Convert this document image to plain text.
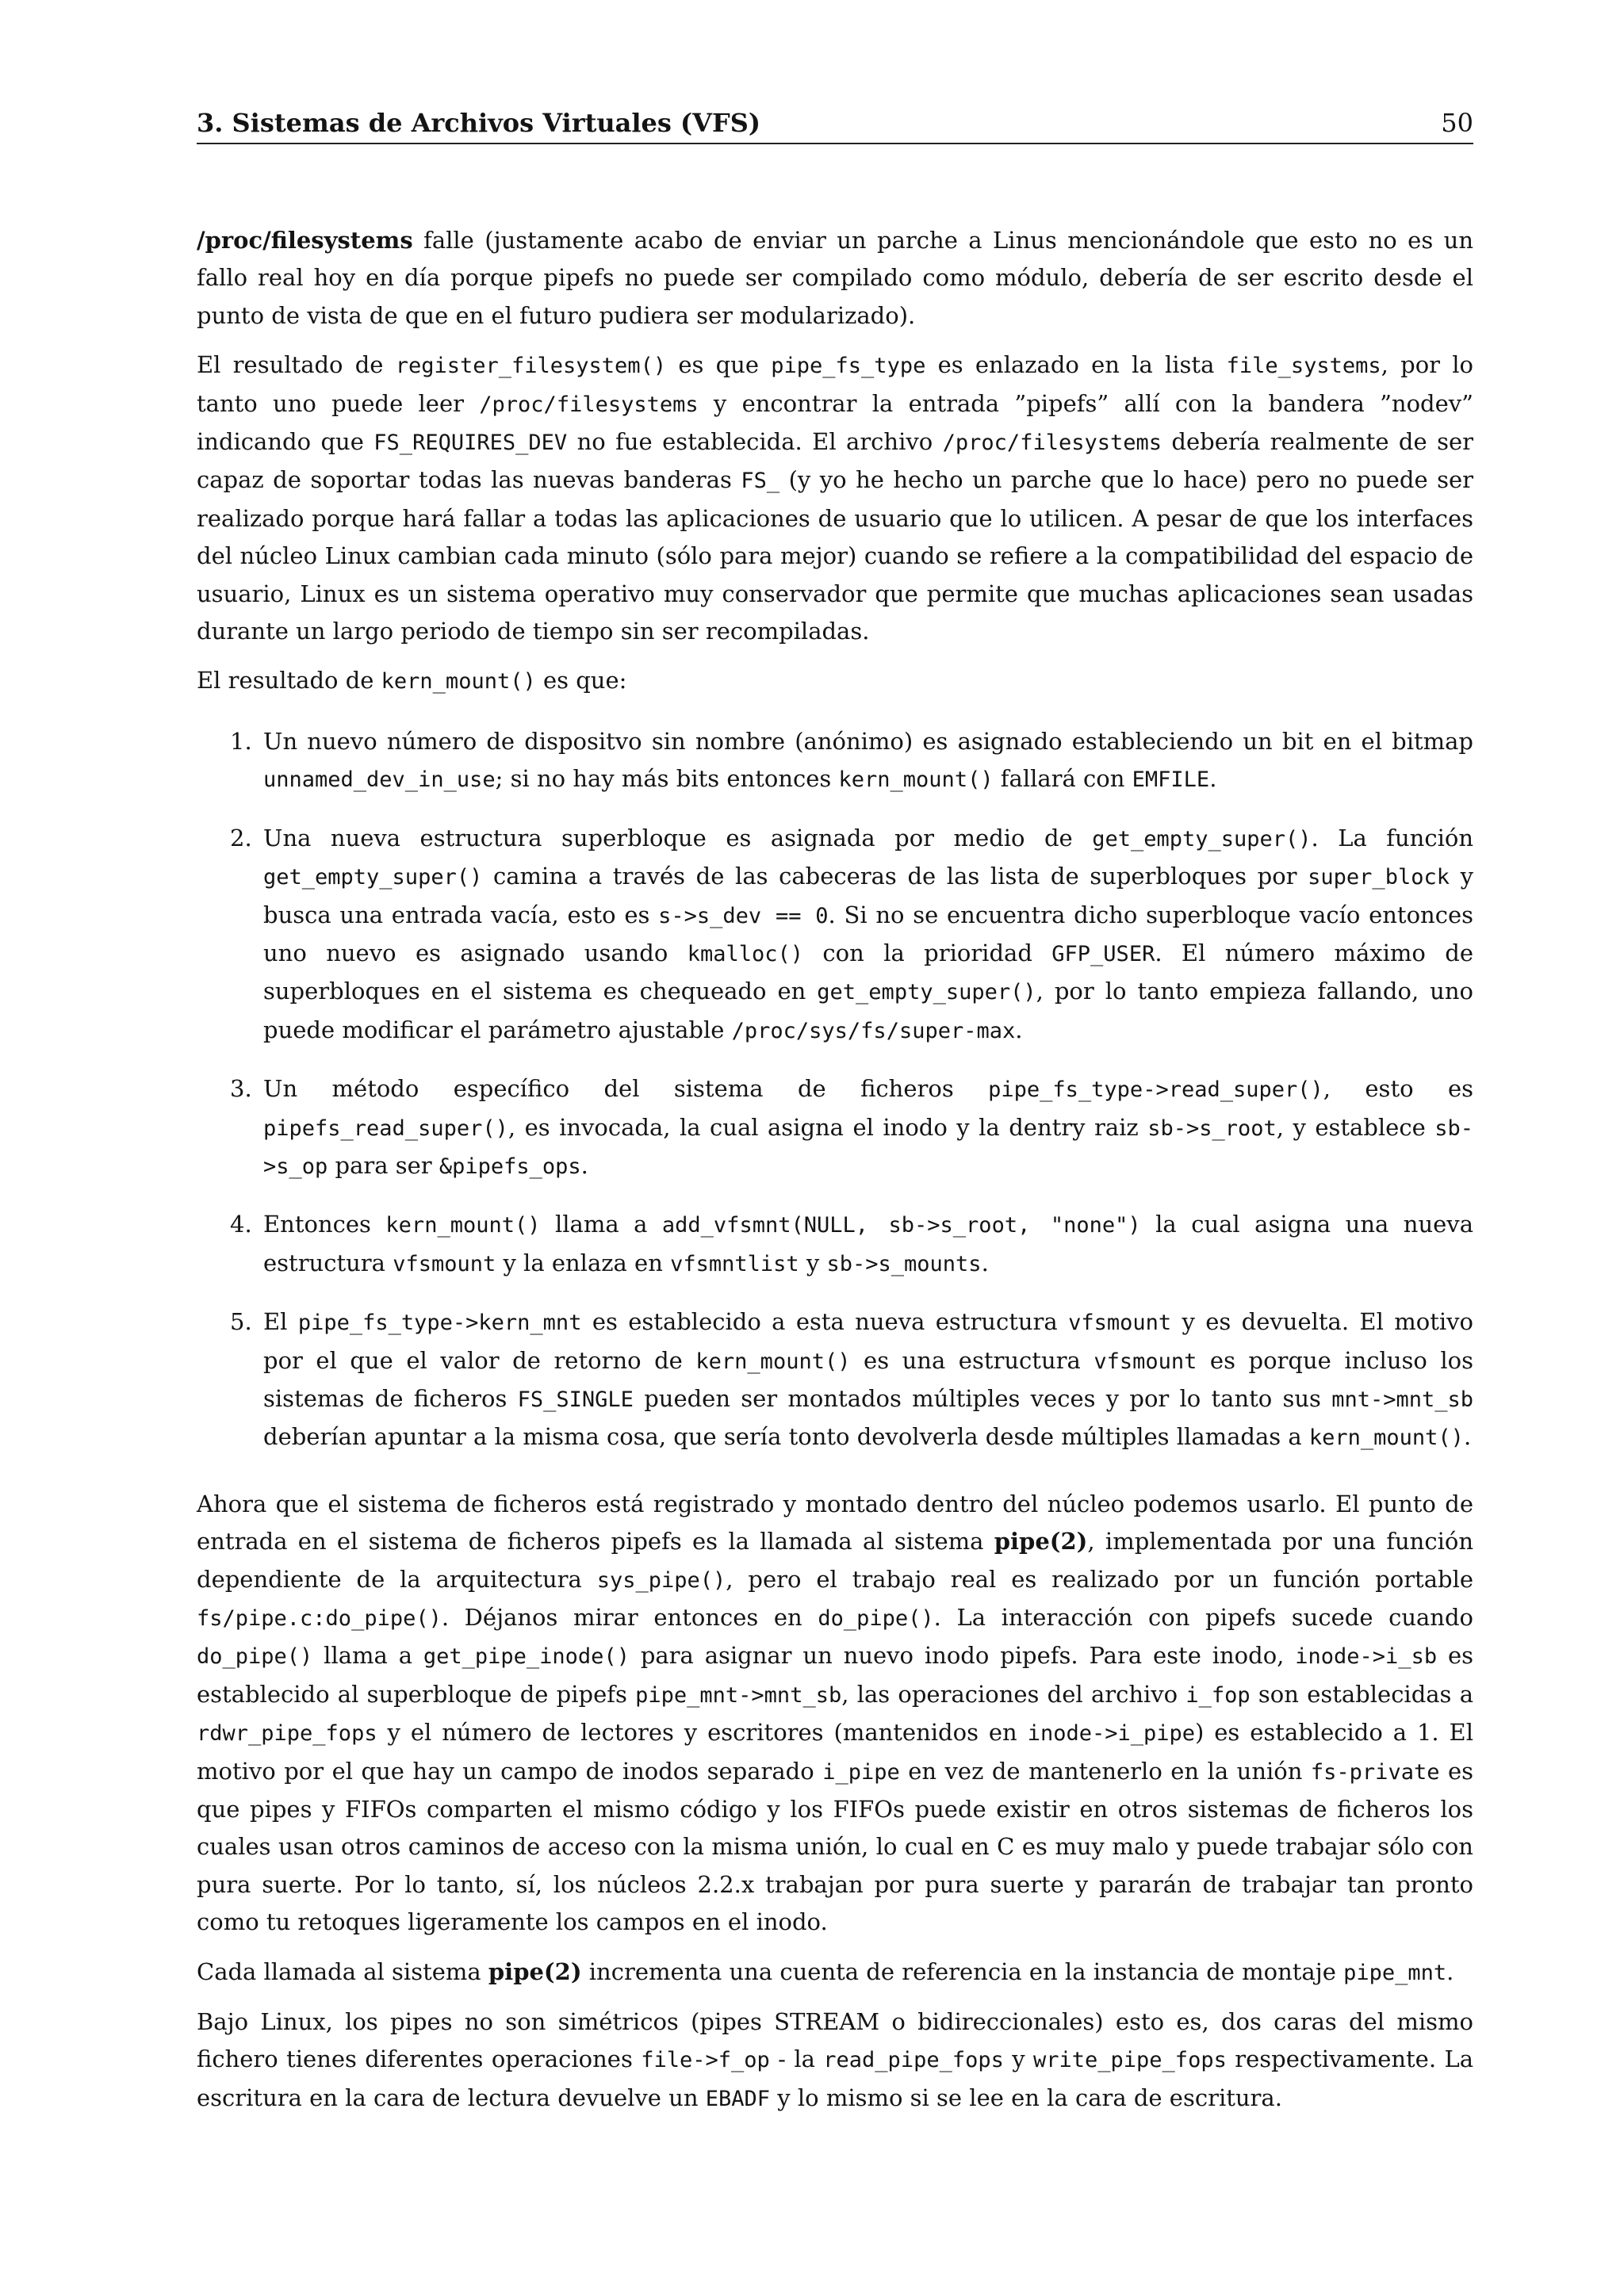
3. Sistemas de Archivos Virtuales (VFS)	50

/proc/filesystems falle (justamente acabo de enviar un parche a Linus mencionándole que esto no es un fallo real hoy en día porque pipefs no puede ser compilado como módulo, debería de ser escrito desde el punto de vista de que en el futuro pudiera ser modularizado).

El resultado de register_filesystem() es que pipe_fs_type es enlazado en la lista file_systems, por lo tanto uno puede leer /proc/filesystems y encontrar la entrada ”pipefs” allí con la bandera ”nodev” indicando que FS_REQUIRES_DEV no fue establecida. El archivo /proc/filesystems debería realmente de ser capaz de soportar todas las nuevas banderas FS_ (y yo he hecho un parche que lo hace) pero no puede ser realizado porque hará fallar a todas las aplicaciones de usuario que lo utilicen. A pesar de que los interfaces del núcleo Linux cambian cada minuto (sólo para mejor) cuando se refiere a la compatibilidad del espacio de usuario, Linux es un sistema operativo muy conservador que permite que muchas aplicaciones sean usadas durante un largo periodo de tiempo sin ser recompiladas.

El resultado de kern_mount() es que:

1. Un nuevo número de dispositvo sin nombre (anónimo) es asignado estableciendo un bit en el bitmap unnamed_dev_in_use; si no hay más bits entonces kern_mount() fallará con EMFILE.
2. Una nueva estructura superbloque es asignada por medio de get_empty_super(). La función get_empty_super() camina a través de las cabeceras de las lista de superbloques por super_block y busca una entrada vacía, esto es s->s_dev == 0. Si no se encuentra dicho superbloque vacío entonces uno nuevo es asignado usando kmalloc() con la prioridad GFP_USER. El número máximo de superbloques en el sistema es chequeado en get_empty_super(), por lo tanto empieza fallando, uno puede modificar el parámetro ajustable /proc/sys/fs/super-max.
3. Un método específico del sistema de ficheros pipe_fs_type->read_super(), esto es pipefs_read_super(), es invocada, la cual asigna el inodo y la dentry raiz sb->s_root, y establece sb->s_op para ser &pipefs_ops.
4. Entonces kern_mount() llama a add_vfsmnt(NULL, sb->s_root, "none") la cual asigna una nueva estructura vfsmount y la enlaza en vfsmntlist y sb->s_mounts.
5. El pipe_fs_type->kern_mnt es establecido a esta nueva estructura vfsmount y es devuelta. El motivo por el que el valor de retorno de kern_mount() es una estructura vfsmount es porque incluso los sistemas de ficheros FS_SINGLE pueden ser montados múltiples veces y por lo tanto sus mnt->mnt_sb deberían apuntar a la misma cosa, que sería tonto devolverla desde múltiples llamadas a kern_mount().

Ahora que el sistema de ficheros está registrado y montado dentro del núcleo podemos usarlo. El punto de entrada en el sistema de ficheros pipefs es la llamada al sistema pipe(2), implementada por una función dependiente de la arquitectura sys_pipe(), pero el trabajo real es realizado por un función portable fs/pipe.c:do_pipe(). Déjanos mirar entonces en do_pipe(). La interacción con pipefs sucede cuando do_pipe() llama a get_pipe_inode() para asignar un nuevo inodo pipefs. Para este inodo, inode->i_sb es establecido al superbloque de pipefs pipe_mnt->mnt_sb, las operaciones del archivo i_fop son establecidas a rdwr_pipe_fops y el número de lectores y escritores (mantenidos en inode->i_pipe) es establecido a 1. El motivo por el que hay un campo de inodos separado i_pipe en vez de mantenerlo en la unión fs-private es que pipes y FIFOs comparten el mismo código y los FIFOs puede existir en otros sistemas de ficheros los cuales usan otros caminos de acceso con la misma unión, lo cual en C es muy malo y puede trabajar sólo con pura suerte. Por lo tanto, sí, los núcleos 2.2.x trabajan por pura suerte y pararán de trabajar tan pronto como tu retoques ligeramente los campos en el inodo.

Cada llamada al sistema pipe(2) incrementa una cuenta de referencia en la instancia de montaje pipe_mnt.

Bajo Linux, los pipes no son simétricos (pipes STREAM o bidireccionales) esto es, dos caras del mismo fichero tienes diferentes operaciones file->f_op - la read_pipe_fops y write_pipe_fops respectivamente. La escritura en la cara de lectura devuelve un EBADF y lo mismo si se lee en la cara de escritura.
